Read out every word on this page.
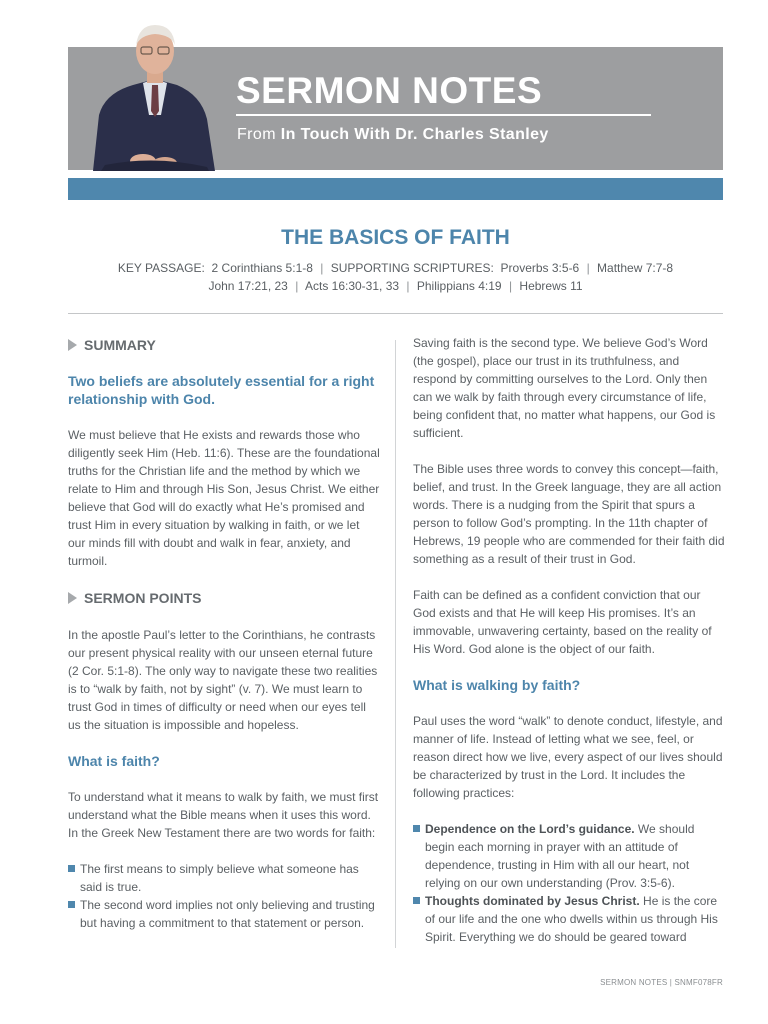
SERMON NOTES
From In Touch With Dr. Charles Stanley
THE BASICS OF FAITH
KEY PASSAGE: 2 Corinthians 5:1-8 | SUPPORTING SCRIPTURES: Proverbs 3:5-6 | Matthew 7:7-8
John 17:21, 23 | Acts 16:30-31, 33 | Philippians 4:19 | Hebrews 11
SUMMARY
Two beliefs are absolutely essential for a right relationship with God.

We must believe that He exists and rewards those who diligently seek Him (Heb. 11:6). These are the foundational truths for the Christian life and the method by which we relate to Him and through His Son, Jesus Christ. We either believe that God will do exactly what He’s promised and trust Him in every situation by walking in faith, or we let our minds fill with doubt and walk in fear, anxiety, and turmoil.

SERMON POINTS

In the apostle Paul’s letter to the Corinthians, he contrasts our present physical reality with our unseen eternal future (2 Cor. 5:1-8). The only way to navigate these two realities is to “walk by faith, not by sight” (v. 7). We must learn to trust God in times of difficulty or need when our eyes tell us the situation is impossible and hopeless.

What is faith?

To understand what it means to walk by faith, we must first understand what the Bible means when it uses this word. In the Greek New Testament there are two words for faith:

The first means to simply believe what someone has said is true.
The second word implies not only believing and trusting but having a commitment to that statement or person.

Saving faith is the second type. We believe God’s Word (the gospel), place our trust in its truthfulness, and respond by committing ourselves to the Lord. Only then can we walk by faith through every circumstance of life, being confident that, no matter what happens, our God is sufficient.

The Bible uses three words to convey this concept—faith, belief, and trust. In the Greek language, they are all action words. There is a nudging from the Spirit that spurs a person to follow God’s prompting. In the 11th chapter of Hebrews, 19 people who are commended for their faith did something as a result of their trust in God.

Faith can be defined as a confident conviction that our God exists and that He will keep His promises. It’s an immovable, unwavering certainty, based on the reality of His Word. God alone is the object of our faith.

What is walking by faith?

Paul uses the word “walk” to denote conduct, lifestyle, and manner of life. Instead of letting what we see, feel, or reason direct how we live, every aspect of our lives should be characterized by trust in the Lord. It includes the following practices:

Dependence on the Lord’s guidance. We should begin each morning in prayer with an attitude of dependence, trusting in Him with all our heart, not relying on our own understanding (Prov. 3:5-6).
Thoughts dominated by Jesus Christ. He is the core of our life and the one who dwells within us through His Spirit. Everything we do should be geared toward
SERMON NOTES | SNMF078FR
